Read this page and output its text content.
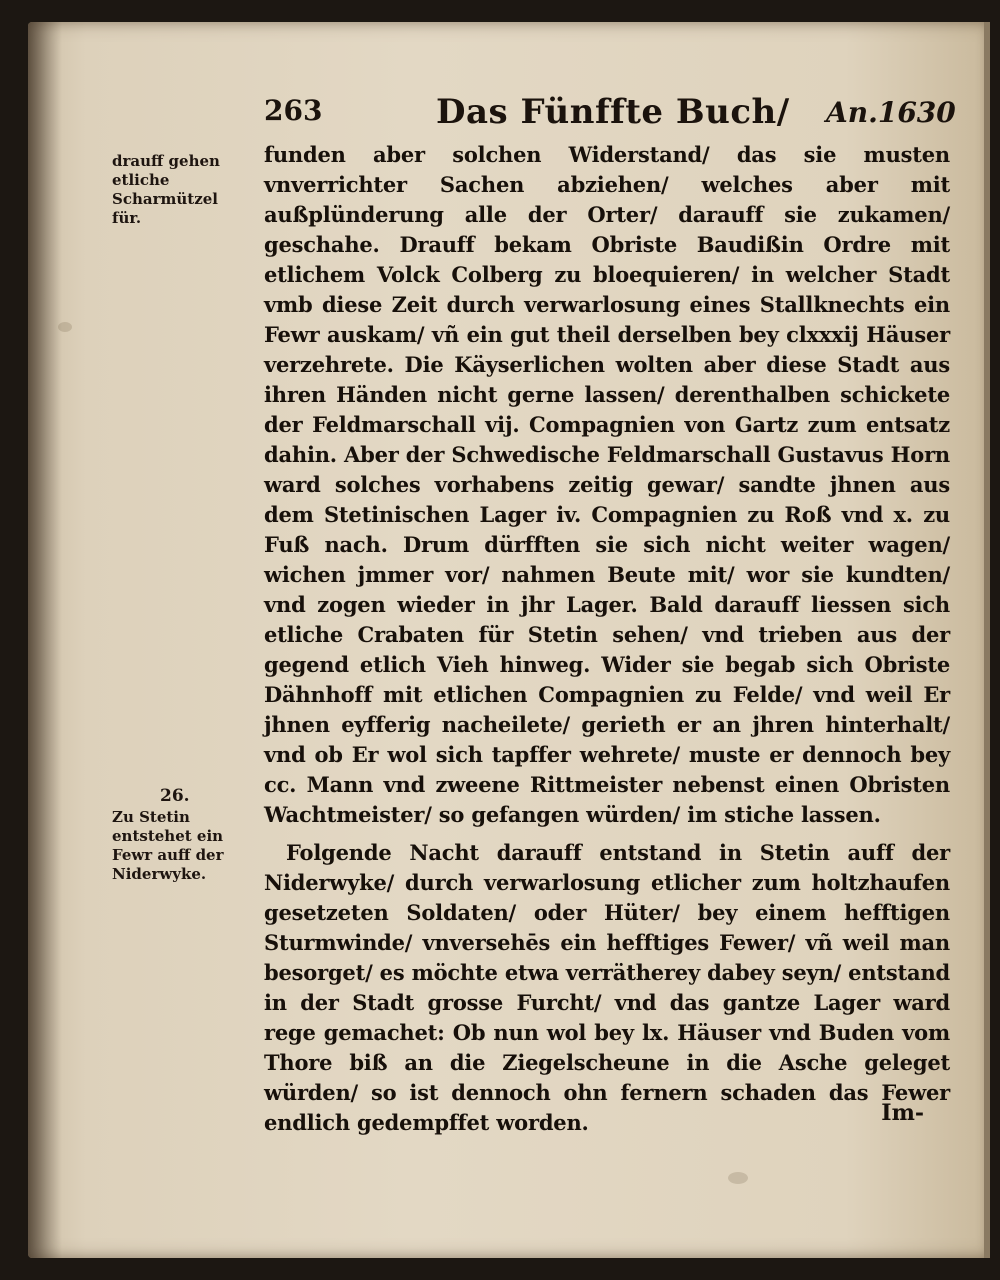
263	Das Fünffte Buch/ An.1630
drauff gehen etliche Scharmützel für.
26.
Zu Stetin entstehet ein Fewr auff der Niderwyke.

funden aber solchen Widerstand/ das sie musten vnverrichter Sachen abziehen/ welches aber mit außplünderung alle der Orter/ darauff sie zukamen/ geschahe. Drauff bekam Obriste Baudißin Ordre mit etlichem Volck Colberg zu bloequieren/ in welcher Stadt vmb diese Zeit durch verwarlosung eines Stallknechts ein Fewr auskam/ vñ ein gut theil derselben bey clxxxij Häuser verzehrete. Die Käyserlichen wolten aber diese Stadt aus ihren Händen nicht gerne lassen/ derenthalben schickete der Feldmarschall vij. Compagnien von Gartz zum entsatz dahin. Aber der Schwedische Feldmarschall Gustavus Horn ward solches vorhabens zeitig gewar/ sandte jhnen aus dem Stetinischen Lager iv. Compagnien zu Roß vnd x. zu Fuß nach. Drum dürfften sie sich nicht weiter wagen/ wichen jmmer vor/ nahmen Beute mit/ wor sie kundten/ vnd zogen wieder in jhr Lager. Bald darauff liessen sich etliche Crabaten für Stetin sehen/ vnd trieben aus der gegend etlich Vieh hinweg. Wider sie begab sich Obriste Dähnhoff mit etlichen Compagnien zu Felde/ vnd weil Er jhnen eyfferig nacheilete/ gerieth er an jhren hinterhalt/ vnd ob Er wol sich tapffer wehrete/ muste er dennoch bey cc. Mann vnd zweene Rittmeister nebenst einen Obristen Wachtmeister/ so gefangen würden/ im stiche lassen.

Folgende Nacht darauff entstand in Stetin auff der Niderwyke/ durch verwarlosung etlicher zum holtzhaufen gesetzeten Soldaten/ oder Hüter/ bey einem hefftigen Sturmwinde/ vnversehēs ein hefftiges Fewer/ vñ weil man besorget/ es möchte etwa verrätherey dabey seyn/ entstand in der Stadt grosse Furcht/ vnd das gantze Lager ward rege gemachet: Ob nun wol bey lx. Häuser vnd Buden vom Thore biß an die Ziegelscheune in die Asche geleget würden/ so ist dennoch ohn fernern schaden das Fewer endlich gedempffet worden.	Im-
